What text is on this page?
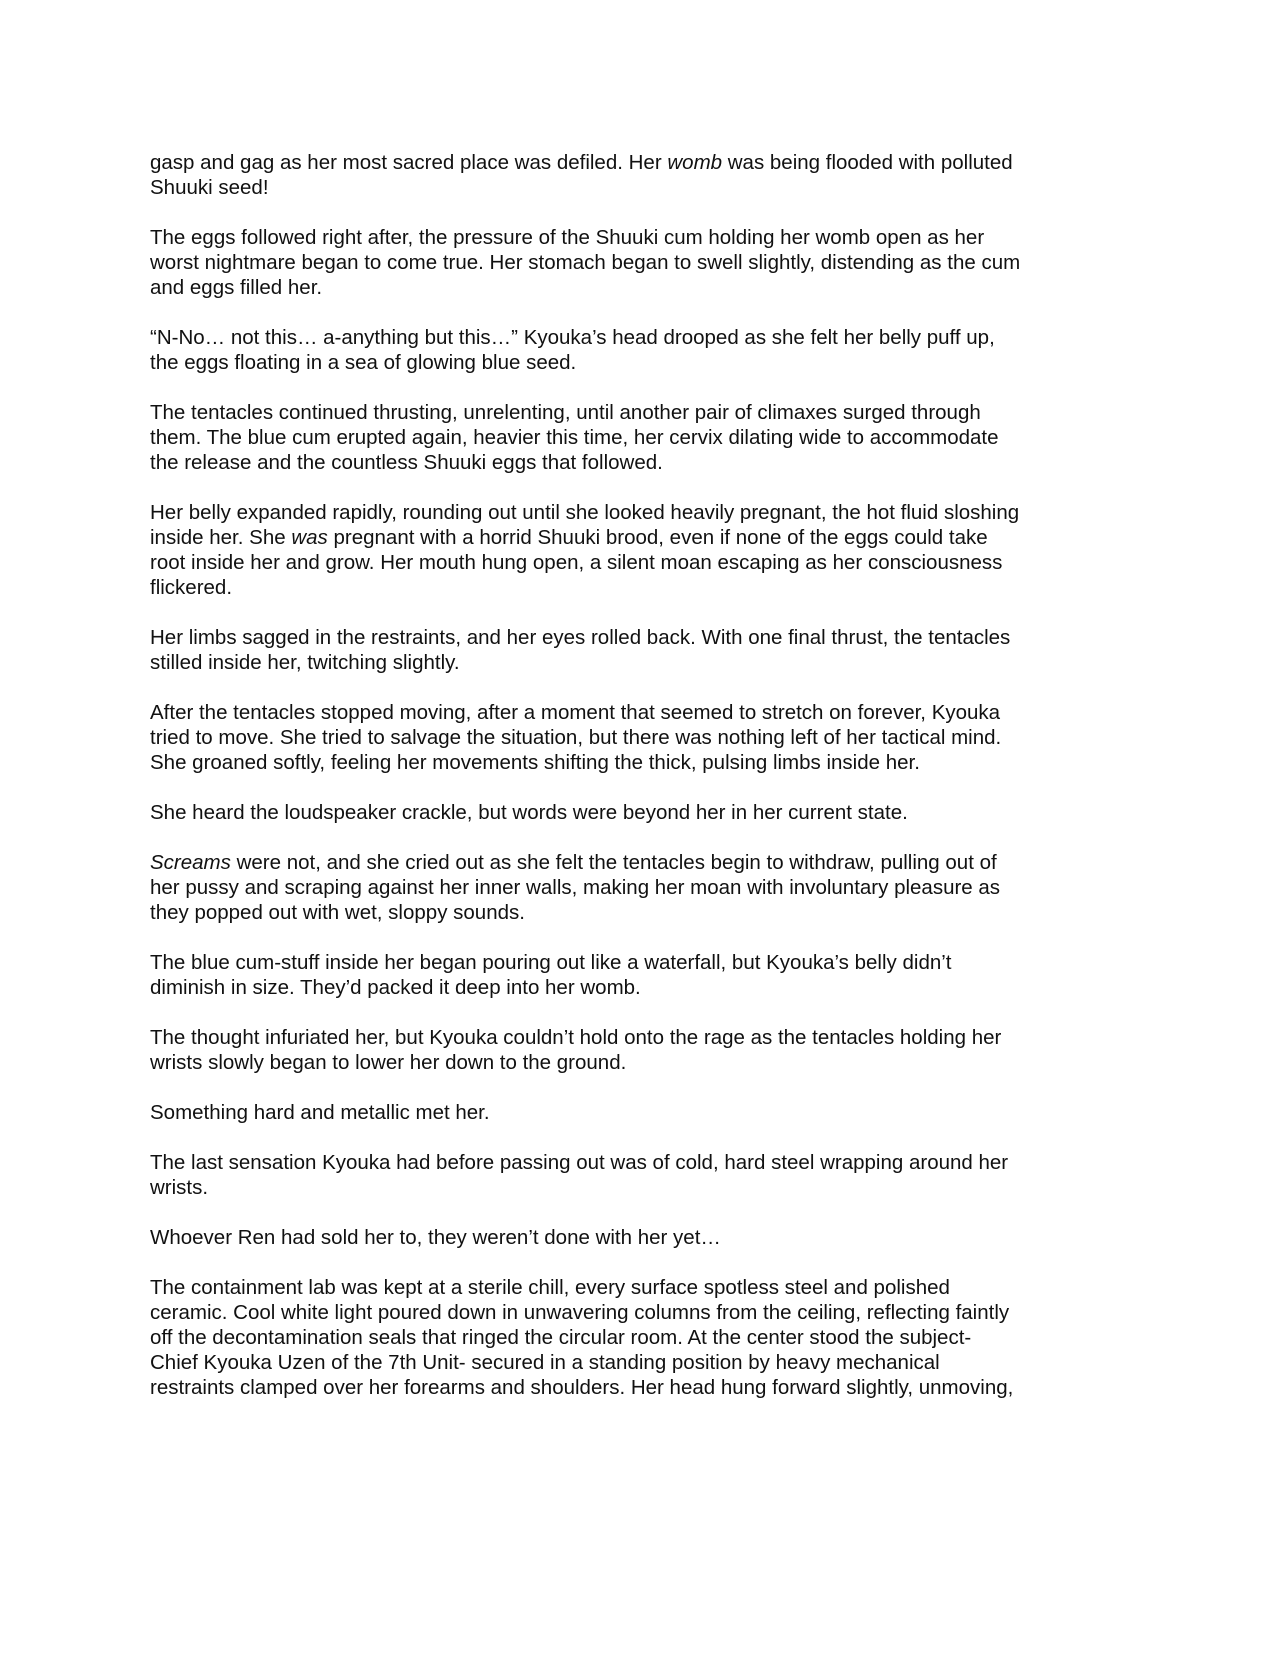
gasp and gag as her most sacred place was defiled. Her womb was being flooded with polluted
Shuuki seed!

The eggs followed right after, the pressure of the Shuuki cum holding her womb open as her
worst nightmare began to come true. Her stomach began to swell slightly, distending as the cum
and eggs filled her.

“N-No… not this… a-anything but this…” Kyouka’s head drooped as she felt her belly puff up,
the eggs floating in a sea of glowing blue seed.

The tentacles continued thrusting, unrelenting, until another pair of climaxes surged through
them. The blue cum erupted again, heavier this time, her cervix dilating wide to accommodate
the release and the countless Shuuki eggs that followed.

Her belly expanded rapidly, rounding out until she looked heavily pregnant, the hot fluid sloshing
inside her. She was pregnant with a horrid Shuuki brood, even if none of the eggs could take
root inside her and grow. Her mouth hung open, a silent moan escaping as her consciousness
flickered.

Her limbs sagged in the restraints, and her eyes rolled back. With one final thrust, the tentacles
stilled inside her, twitching slightly.

After the tentacles stopped moving, after a moment that seemed to stretch on forever, Kyouka
tried to move. She tried to salvage the situation, but there was nothing left of her tactical mind.
She groaned softly, feeling her movements shifting the thick, pulsing limbs inside her.

She heard the loudspeaker crackle, but words were beyond her in her current state.

Screams were not, and she cried out as she felt the tentacles begin to withdraw, pulling out of
her pussy and scraping against her inner walls, making her moan with involuntary pleasure as
they popped out with wet, sloppy sounds.

The blue cum-stuff inside her began pouring out like a waterfall, but Kyouka’s belly didn’t
diminish in size. They’d packed it deep into her womb.

The thought infuriated her, but Kyouka couldn’t hold onto the rage as the tentacles holding her
wrists slowly began to lower her down to the ground.

Something hard and metallic met her.

The last sensation Kyouka had before passing out was of cold, hard steel wrapping around her
wrists.

Whoever Ren had sold her to, they weren’t done with her yet…

The containment lab was kept at a sterile chill, every surface spotless steel and polished
ceramic. Cool white light poured down in unwavering columns from the ceiling, reflecting faintly
off the decontamination seals that ringed the circular room. At the center stood the subject-
Chief Kyouka Uzen of the 7th Unit- secured in a standing position by heavy mechanical
restraints clamped over her forearms and shoulders. Her head hung forward slightly, unmoving,
